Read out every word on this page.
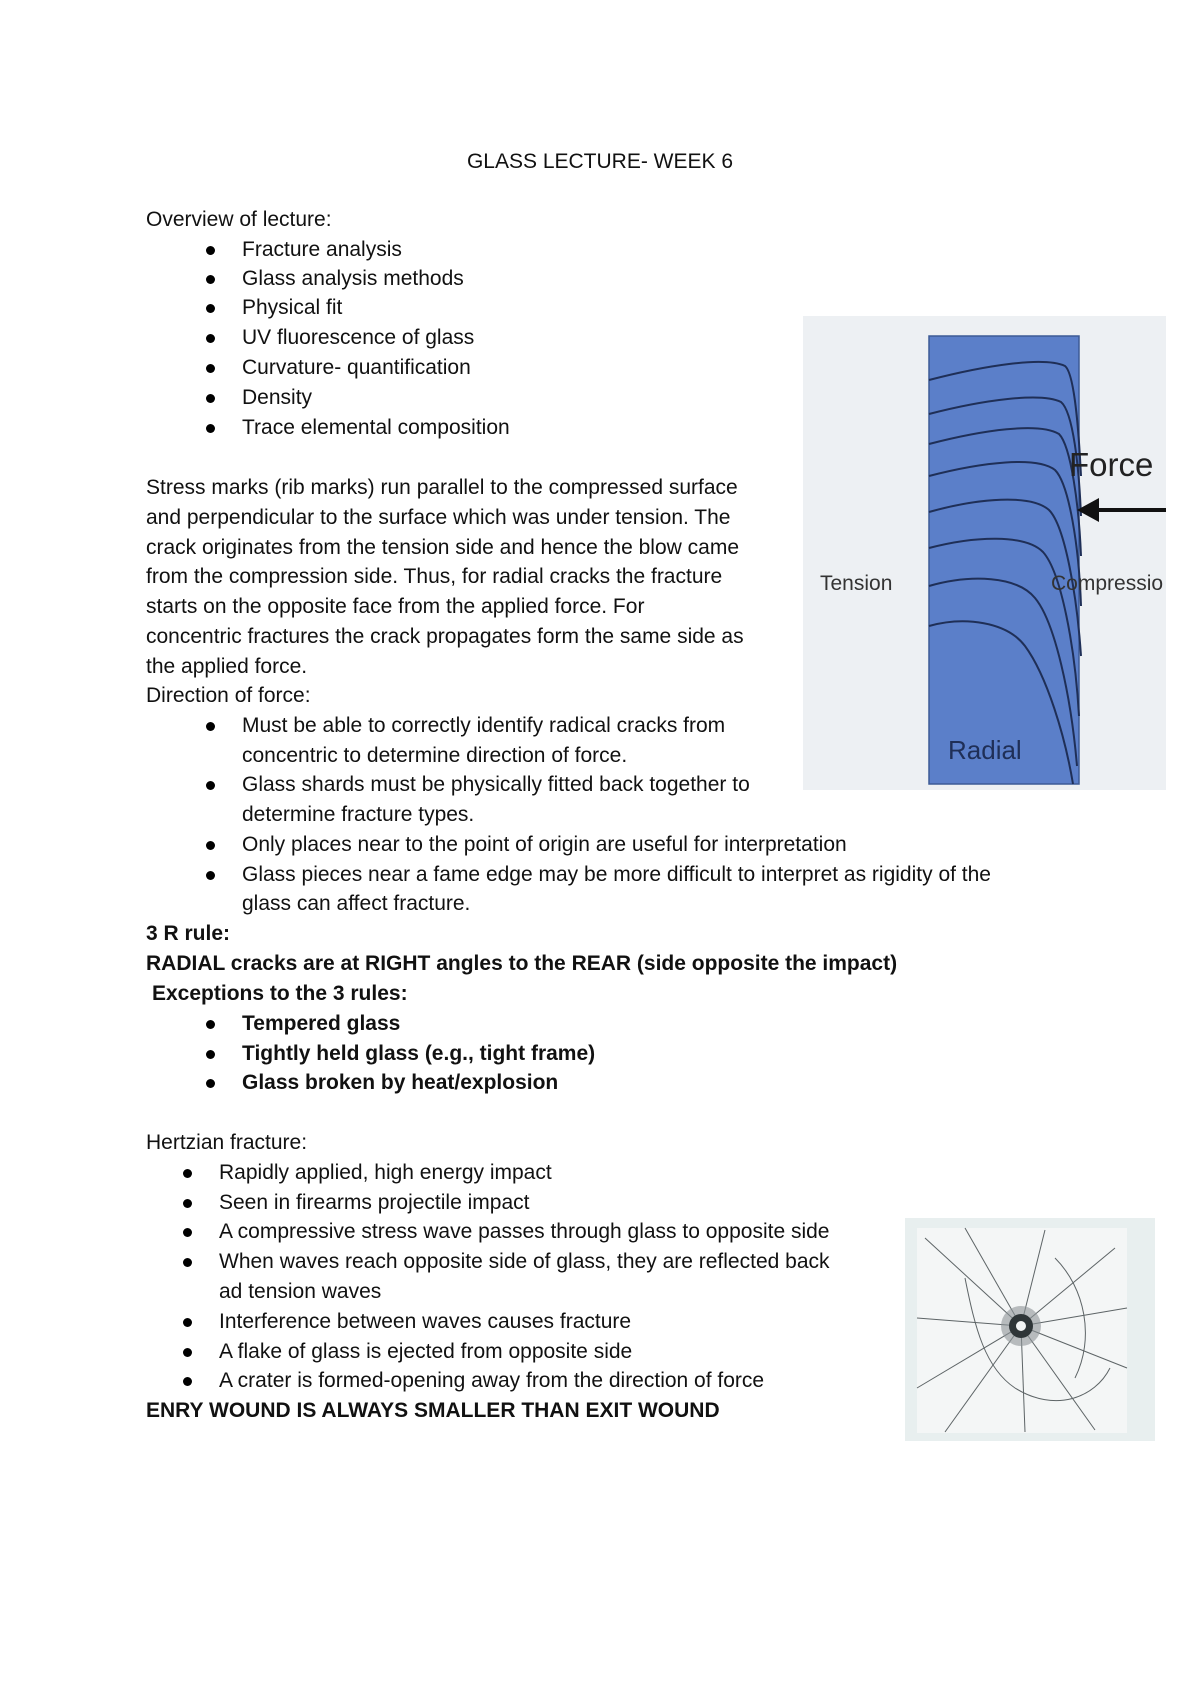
GLASS LECTURE- WEEK 6
Overview of lecture:
Fracture analysis
Glass analysis methods
Physical fit
UV fluorescence of glass
Curvature- quantification
Density
Trace elemental composition
Stress marks (rib marks) run parallel to the compressed surface
and perpendicular to the surface which was under tension. The
crack originates from the tension side and hence the blow came
from the compression side. Thus, for radial cracks the fracture
starts on the opposite face from the applied force. For
concentric fractures the crack propagates form the same side as
the applied force.
Direction of force:
Must be able to correctly identify radical cracks from
concentric to determine direction of force.
Glass shards must be physically fitted back together to
determine fracture types.
Only places near to the point of origin are useful for interpretation
Glass pieces near a fame edge may be more difficult to interpret as rigidity of the
glass can affect fracture.
3 R rule:
RADIAL cracks are at RIGHT angles to the REAR (side opposite the impact)
Exceptions to the 3 rules:
Tempered glass
Tightly held glass (e.g., tight frame)
Glass broken by heat/explosion
Hertzian fracture:
Rapidly applied, high energy impact
Seen in firearms projectile impact
A compressive stress wave passes through glass to opposite side
When waves reach opposite side of glass, they are reflected back
ad tension waves
Interference between waves causes fracture
A flake of glass is ejected from opposite side
A crater is formed-opening away from the direction of force
ENRY WOUND IS ALWAYS SMALLER THAN EXIT WOUND
Force
Tension	Compressio
Radial
